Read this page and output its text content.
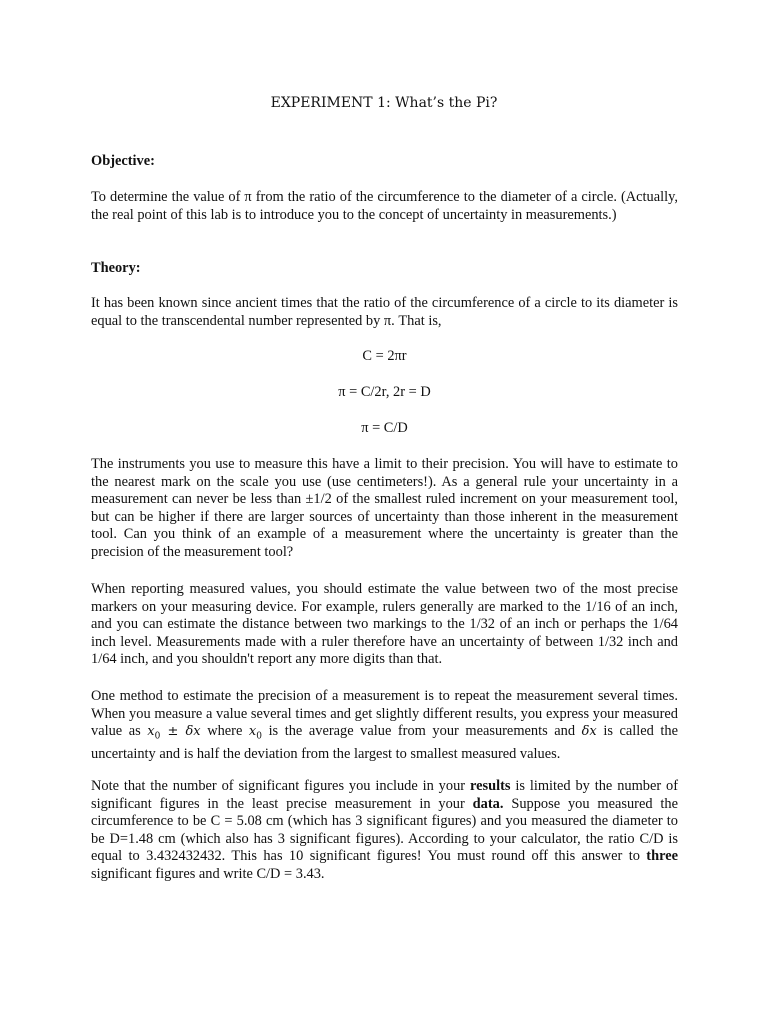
EXPERIMENT 1: What’s the Pi?
Objective:

To determine the value of π from the ratio of the circumference to the diameter of a circle. (Actually, the real point of this lab is to introduce you to the concept of uncertainty in measurements.)

Theory:

It has been known since ancient times that the ratio of the circumference of a circle to its diameter is equal to the transcendental number represented by π. That is,

C = 2πr
π = C/2r, 2r = D
π = C/D

The instruments you use to measure this have a limit to their precision. You will have to estimate to the nearest mark on the scale you use (use centimeters!). As a general rule your uncertainty in a measurement can never be less than ±1/2 of the smallest ruled increment on your measurement tool, but can be higher if there are larger sources of uncertainty than those inherent in the measurement tool. Can you think of an example of a measurement where the uncertainty is greater than the precision of the measurement tool?

When reporting measured values, you should estimate the value between two of the most precise markers on your measuring device. For example, rulers generally are marked to the 1/16 of an inch, and you can estimate the distance between two markings to the 1/32 of an inch or perhaps the 1/64 inch level. Measurements made with a ruler therefore have an uncertainty of between 1/32 inch and 1/64 inch, and you shouldn't report any more digits than that.

One method to estimate the precision of a measurement is to repeat the measurement several times. When you measure a value several times and get slightly different results, you express your measured value as $x_0 \pm \delta x$ where $x_0$ is the average value from your measurements and δx is called the uncertainty and is half the deviation from the largest to smallest measured values.

Note that the number of significant figures you include in your results is limited by the number of significant figures in the least precise measurement in your data. Suppose you measured the circumference to be C = 5.08 cm (which has 3 significant figures) and you measured the diameter to be D=1.48 cm (which also has 3 significant figures). According to your calculator, the ratio C/D is equal to 3.432432432. This has 10 significant figures! You must round off this answer to three significant figures and write C/D = 3.43.
